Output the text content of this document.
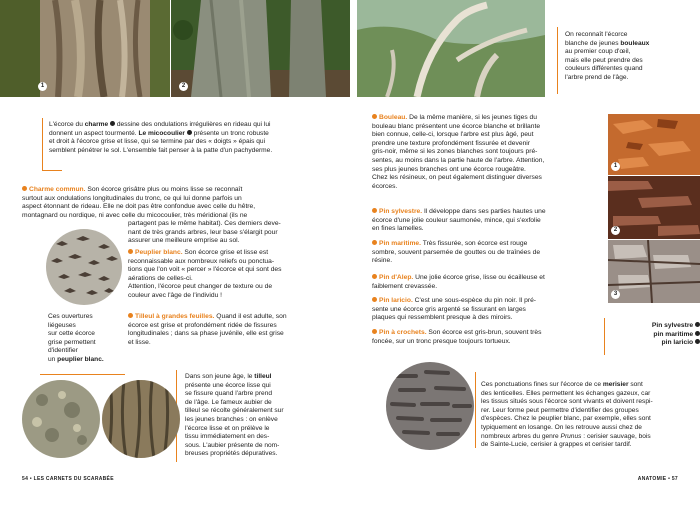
1	2
On reconnaît l'écorce
blanche de jeunes bouleaux
au premier coup d'œil,
mais elle peut prendre des
couleurs différentes quand
l'arbre prend de l'âge.
L'écorce du charme  dessine des ondulations irrégulières en rideau qui lui
donnent un aspect tourmenté. Le micocoulier  présente un tronc robuste
et droit à l'écorce grise et lisse, qui se termine par des « doigts » épais qui
semblent pénétrer le sol. L'ensemble fait penser à la patte d'un pachyderme.
Charme commun. Son écorce grisâtre plus ou moins lisse se reconnaît
surtout aux ondulations longitudinales du tronc, ce qui lui donne parfois un
aspect étonnant de rideau. Elle ne doit pas être confondue avec celle du hêtre,
montagnard ou nordique, ni avec celle du micocoulier, très méridional (ils ne
partagent pas le même habitat). Ces derniers deve-
nant de très grands arbres, leur base s'élargit pour
assurer une meilleure emprise au sol.
Peuplier blanc. Son écorce grise et lisse est
reconnaissable aux nombreux reliefs ou ponctua-
tions que l'on voit « percer » l'écorce et qui sont des
aérations de celles-ci.
Attention, l'écorce peut changer de texture ou de
couleur avec l'âge de l'individu !
Tilleul à grandes feuilles. Quand il est adulte, son
écorce est grise et profondément ridée de fissures
longitudinales ; dans sa phase juvénile, elle est grise
et lisse.
Ces ouvertures
liégeuses
sur cette écorce
grise permettent
d'identifier
un peuplier blanc.
Dans son jeune âge, le tilleul
présente une écorce lisse qui
se fissure quand l'arbre prend
de l'âge. Le fameux aubier de
tilleul se récolte généralement sur
les jeunes branches : on enlève
l'écorce lisse et on prélève le
tissu immédiatement en des-
sous. L'aubier présente de nom-
breuses propriétés dépuratives.
Bouleau. De la même manière, si les jeunes tiges du
bouleau blanc présentent une écorce blanche et brillante
bien connue, celle-ci, lorsque l'arbre est plus âgé, peut
prendre une texture profondément fissurée et devenir
gris-noir, même si les zones blanches sont toujours pré-
sentes, au moins dans la partie haute de l'arbre. Attention,
ses plus jeunes branches ont une écorce rougeâtre.
Chez les résineux, on peut également distinguer diverses
écorces.
Pin sylvestre. Il développe dans ses parties hautes une
écorce d'une jolie couleur saumonée, mince, qui s'exfolie
en fines lamelles.
Pin maritime. Très fissurée, son écorce est rouge
sombre, souvent parsemée de gouttes ou de traînées de
résine.
Pin d'Alep. Une jolie écorce grise, lisse ou écailleuse et
faiblement crevassée.
Pin laricio. C'est une sous-espèce du pin noir. Il pré-
sente une écorce gris argenté se fissurant en larges
plaques qui ressemblent presque à des miroirs.
Pin à crochets. Son écorce est gris-brun, souvent très
foncée, sur un tronc presque toujours tortueux.
1
2
3
Pin sylvestre
pin maritime
pin laricio
Ces ponctuations fines sur l'écorce de ce merisier sont
des lenticelles. Elles permettent les échanges gazeux, car
les tissus situés sous l'écorce sont vivants et doivent respi-
rer. Leur forme peut permettre d'identifier des groupes
d'espèces. Chez le peuplier blanc, par exemple, elles sont
typiquement en losange. On les retrouve aussi chez de
nombreux arbres du genre Prunus : cerisier sauvage, bois
de Sainte-Lucie, cerisier à grappes et cerisier tardif.
54 • LES CARNETS DU SCARABÉE	ANATOMIE • 57
